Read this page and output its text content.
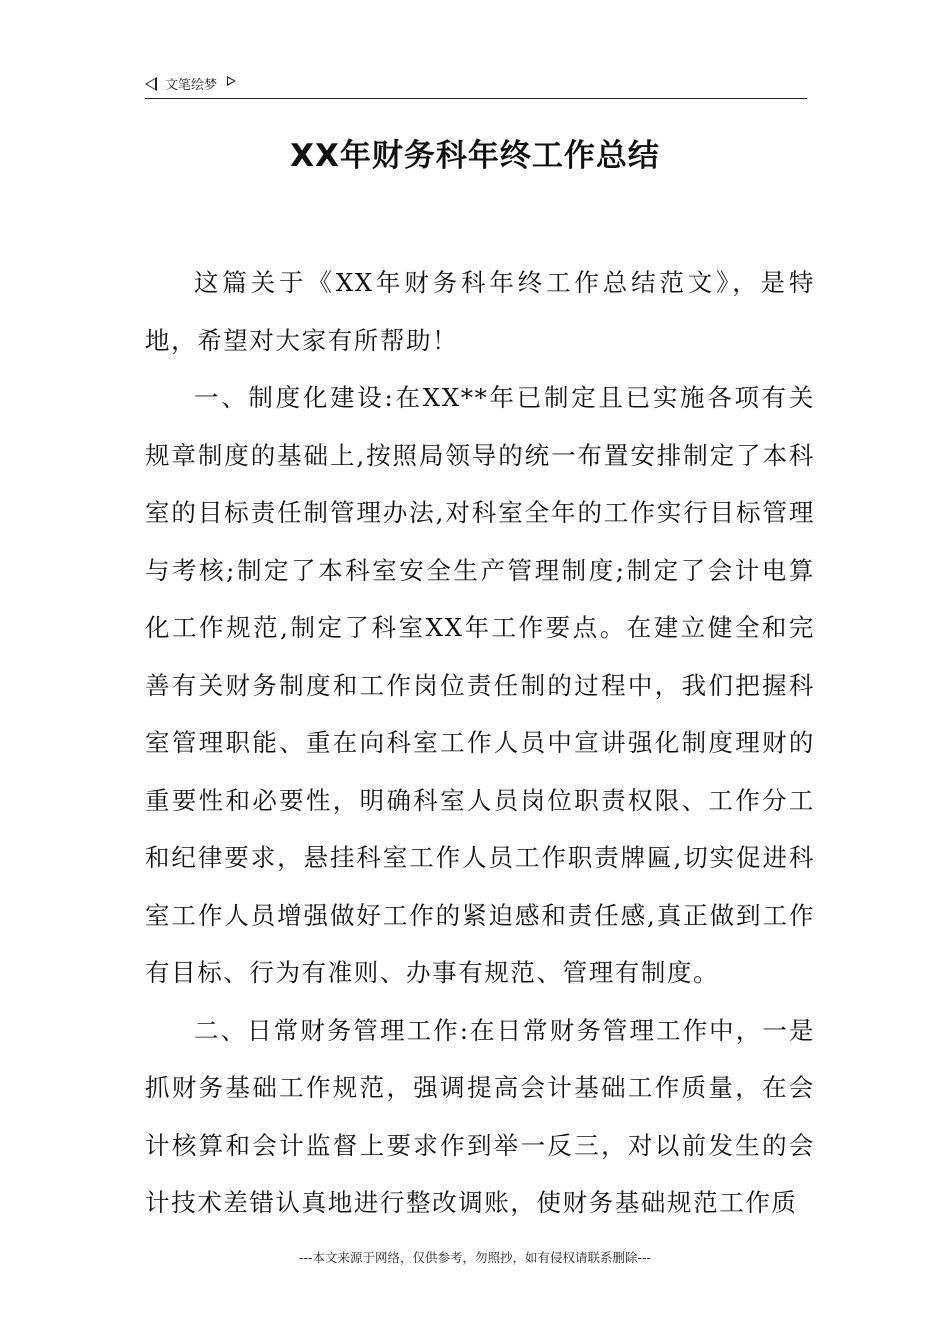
文笔绘梦
XX年财务科年终工作总结

这篇关于《XX年财务科年终工作总结范文》，是特地，希望对大家有所帮助！

一、制度化建设:在XX**年已制定且已实施各项有关规章制度的基础上,按照局领导的统一布置安排制定了本科室的目标责任制管理办法,对科室全年的工作实行目标管理与考核;制定了本科室安全生产管理制度;制定了会计电算化工作规范,制定了科室XX年工作要点。在建立健全和完善有关财务制度和工作岗位责任制的过程中，我们把握科室管理职能、重在向科室工作人员中宣讲强化制度理财的重要性和必要性，明确科室人员岗位职责权限、工作分工和纪律要求，悬挂科室工作人员工作职责牌匾,切实促进科室工作人员增强做好工作的紧迫感和责任感,真正做到工作有目标、行为有准则、办事有规范、管理有制度。

二、日常财务管理工作:在日常财务管理工作中，一是抓财务基础工作规范，强调提高会计基础工作质量，在会计核算和会计监督上要求作到举一反三，对以前发生的会计技术差错认真地进行整改调账，使财务基础规范工作质

---本文来源于网络，仅供参考，勿照抄，如有侵权请联系删除---
